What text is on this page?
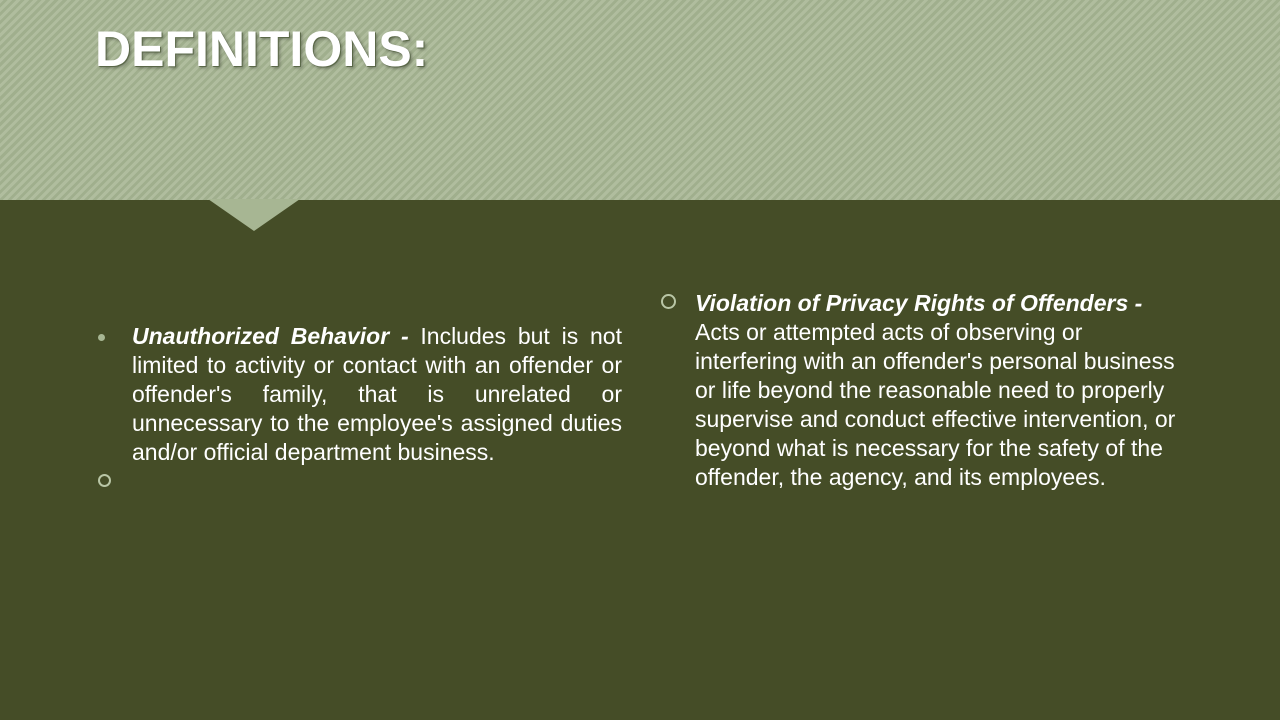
DEFINITIONS:
Unauthorized Behavior - Includes but is not limited to activity or contact with an offender or offender's family, that is unrelated or unnecessary to the employee's assigned duties and/or official department business.
Violation of Privacy Rights of Offenders - Acts or attempted acts of observing or interfering with an offender's personal business or life beyond the reasonable need to properly supervise and conduct effective intervention, or beyond what is necessary for the safety of the offender, the agency, and its employees.
